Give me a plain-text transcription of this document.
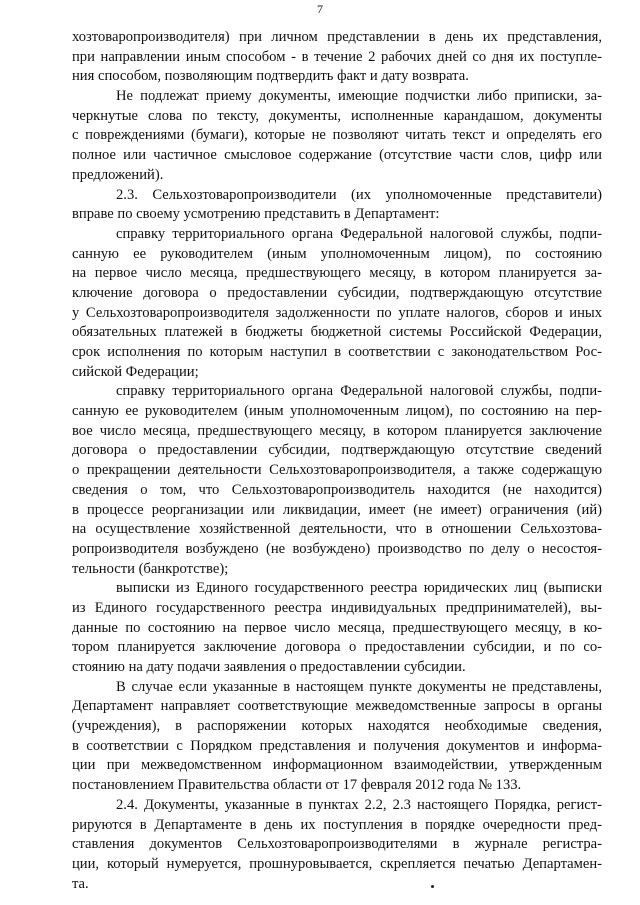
7
хозтоваропроизводителя) при личном представлении в день их представления,
при направлении иным способом - в течение 2 рабочих дней со дня их поступле-
ния способом, позволяющим подтвердить факт и дату возврата.
Не подлежат приему документы, имеющие подчистки либо приписки, за-
черкнутые слова по тексту, документы, исполненные карандашом, документы
с повреждениями (бумаги), которые не позволяют читать текст и определять его
полное или частичное смысловое содержание (отсутствие части слов, цифр или
предложений).
2.3. Сельхозтоваропроизводители (их уполномоченные представители)
вправе по своему усмотрению представить в Департамент:
справку территориального органа Федеральной налоговой службы, подпи-
санную ее руководителем (иным уполномоченным лицом), по состоянию
на первое число месяца, предшествующего месяцу, в котором планируется за-
ключение договора о предоставлении субсидии, подтверждающую отсутствие
у Сельхозтоваропроизводителя задолженности по уплате налогов, сборов и иных
обязательных платежей в бюджеты бюджетной системы Российской Федерации,
срок исполнения по которым наступил в соответствии с законодательством Рос-
сийской Федерации;
справку территориального органа Федеральной налоговой службы, подпи-
санную ее руководителем (иным уполномоченным лицом), по состоянию на пер-
вое число месяца, предшествующего месяцу, в котором планируется заключение
договора о предоставлении субсидии, подтверждающую отсутствие сведений
о прекращении деятельности Сельхозтоваропроизводителя, а также содержащую
сведения о том, что Сельхозтоваропроизводитель находится (не находится)
в процессе реорганизации или ликвидации, имеет (не имеет) ограничения (ий)
на осуществление хозяйственной деятельности, что в отношении Сельхозтова-
ропроизводителя возбуждено (не возбуждено) производство по делу о несостоя-
тельности (банкротстве);
выписки из Единого государственного реестра юридических лиц (выписки
из Единого государственного реестра индивидуальных предпринимателей), вы-
данные по состоянию на первое число месяца, предшествующего месяцу, в ко-
тором планируется заключение договора о предоставлении субсидии, и по со-
стоянию на дату подачи заявления о предоставлении субсидии.
В случае если указанные в настоящем пункте документы не представлены,
Департамент направляет соответствующие межведомственные запросы в органы
(учреждения), в распоряжении которых находятся необходимые сведения,
в соответствии с Порядком представления и получения документов и информа-
ции при межведомственном информационном взаимодействии, утвержденным
постановлением Правительства области от 17 февраля 2012 года № 133.
2.4. Документы, указанные в пунктах 2.2, 2.3 настоящего Порядка, регист-
рируются в Департаменте в день их поступления в порядке очередности пред-
ставления документов Сельхозтоваропроизводителями в журнале регистра-
ции, который нумеруется, прошнуровывается, скрепляется печатью Департамен-
та.
